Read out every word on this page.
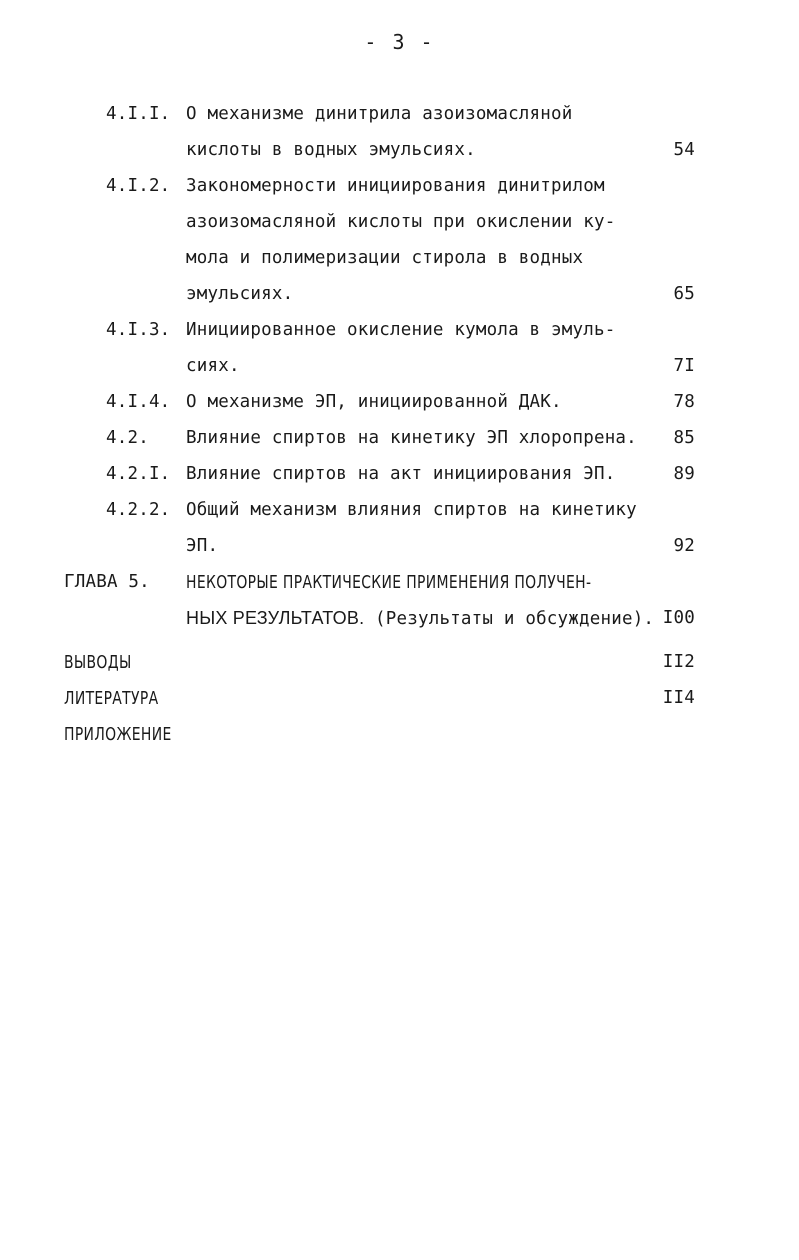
- 3 -
4.I.I. О механизме динитрила азоизомасляной
кислоты в водных эмульсиях.	54
4.I.2. Закономерности инициирования динитрилом
азоизомасляной кислоты при окислении ку-
мола и полимеризации стирола в водных
эмульсиях.	65
4.I.3. Инициированное окисление кумола в эмуль-
сиях.	7I
4.I.4. О механизме ЭП, инициированной ДАК.	78
4.2. Влияние спиртов на кинетику ЭП хлоропрена. 85
4.2.I. Влияние спиртов на акт инициирования ЭП.	89
4.2.2. Общий механизм влияния спиртов на кинетику
ЭП.	92
ГЛАВА 5. НЕКОТОРЫЕ ПРАКТИЧЕСКИЕ ПРИМЕНЕНИЯ ПОЛУЧЕН-
НЫХ РЕЗУЛЬТАТОВ. (Результаты и обсуждение). I00
ВЫВОДЫ	II2
ЛИТЕРАТУРА	II4
ПРИЛОЖЕНИЕ
